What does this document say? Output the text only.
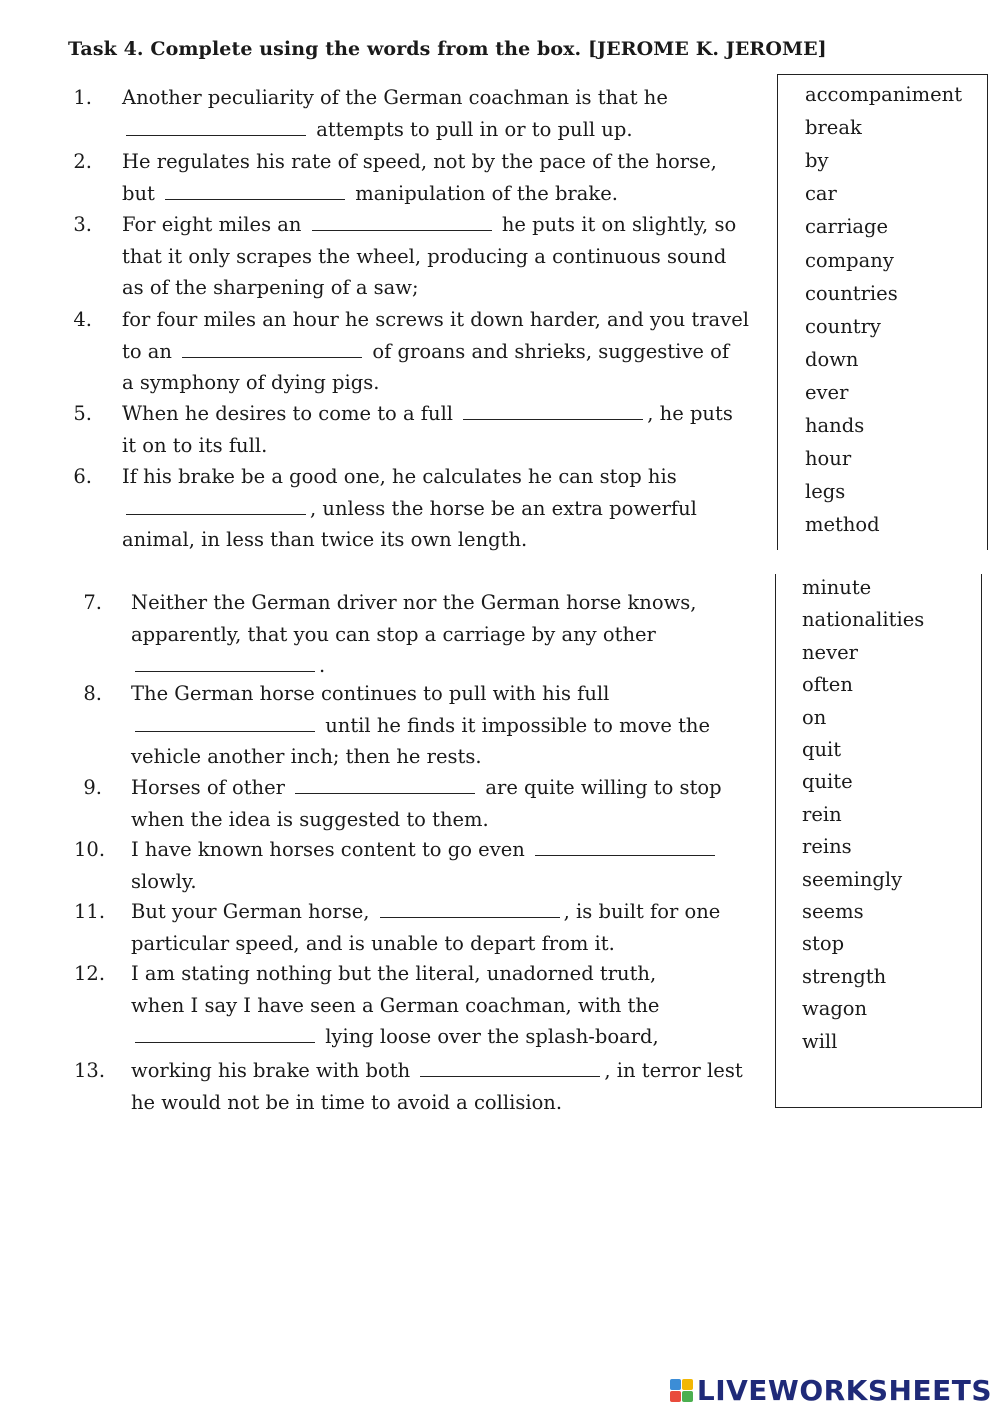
Task 4. Complete using the words from the box. [JEROME K. JEROME]
1. Another peculiarity of the German coachman is that he
attempts to pull in or to pull up.
2. He regulates his rate of speed, not by the pace of the horse,
but	manipulation of the brake.
3. For eight miles an	he puts it on slightly, so
that it only scrapes the wheel, producing a continuous sound
as of the sharpening of a saw;
4. for four miles an hour he screws it down harder, and you travel
to an	of groans and shrieks, suggestive of
a symphony of dying pigs.
5. When he desires to come to a full	, he puts
it on to its full.
6. If his brake be a good one, he calculates he can stop his
, unless the horse be an extra powerful
animal, in less than twice its own length.
7. Neither the German driver nor the German horse knows,
apparently, that you can stop a carriage by any other
.
8. The German horse continues to pull with his full
until he finds it impossible to move the
vehicle another inch; then he rests.
9. Horses of other	are quite willing to stop
when the idea is suggested to them.
10. I have known horses content to go even
slowly.
11. But your German horse,	, is built for one
particular speed, and is unable to depart from it.
12. I am stating nothing but the literal, unadorned truth,
when I say I have seen a German coachman, with the
lying loose over the splash-board,
13. working his brake with both	, in terror lest
he would not be in time to avoid a collision.
accompaniment
break
by
car
carriage
company
countries
country
down
ever
hands
hour
legs
method
minute
nationalities
never
often
on
quit
quite
rein
reins
seemingly
seems
stop
strength
wagon
will
LIVEWORKSHEETS
